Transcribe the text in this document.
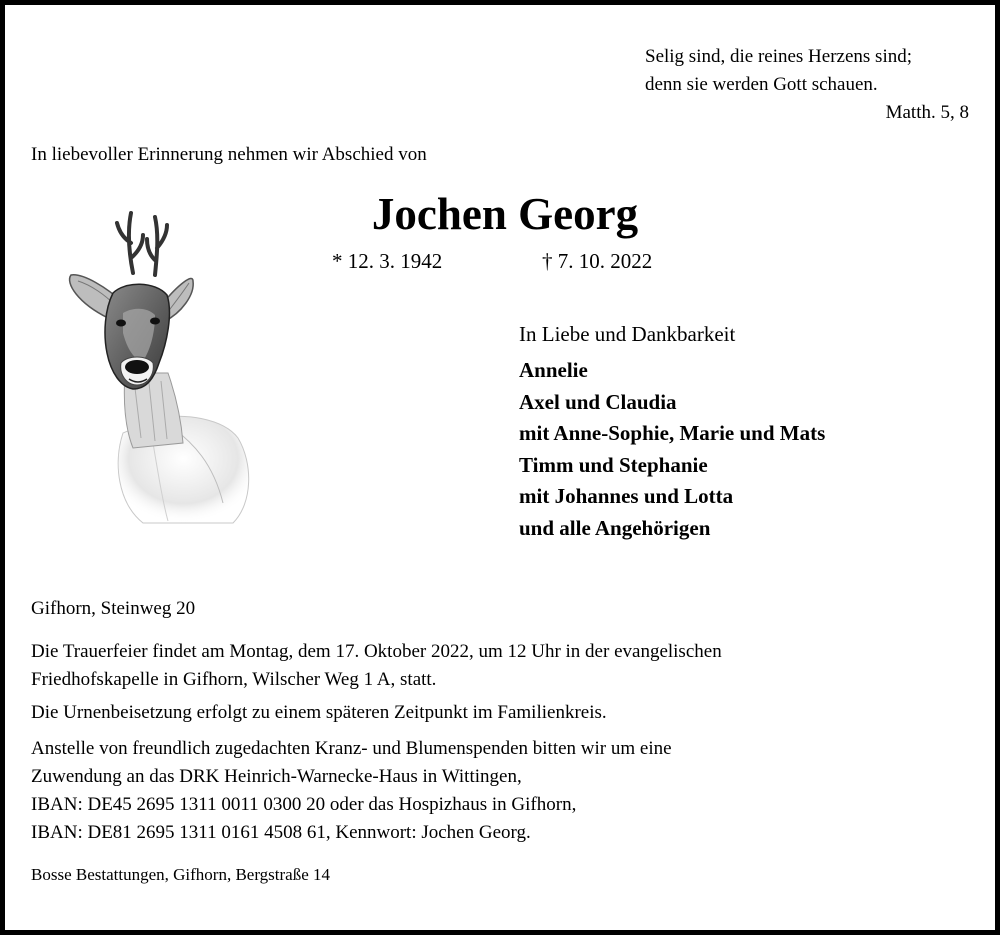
Selig sind, die reines Herzens sind;
denn sie werden Gott schauen.
Matth. 5, 8
In liebevoller Erinnerung nehmen wir Abschied von
Jochen Georg
* 12. 3. 1942	† 7. 10. 2022
In Liebe und Dankbarkeit
Annelie
Axel und Claudia
mit Anne-Sophie, Marie und Mats
Timm und Stephanie
mit Johannes und Lotta
und alle Angehörigen
Gifhorn, Steinweg 20
Die Trauerfeier findet am Montag, dem 17. Oktober 2022, um 12 Uhr in der evangelischen
Friedhofskapelle in Gifhorn, Wilscher Weg 1 A, statt.
Die Urnenbeisetzung erfolgt zu einem späteren Zeitpunkt im Familienkreis.
Anstelle von freundlich zugedachten Kranz- und Blumenspenden bitten wir um eine
Zuwendung an das DRK Heinrich-Warnecke-Haus in Wittingen,
IBAN: DE45 2695 1311 0011 0300 20 oder das Hospizhaus in Gifhorn,
IBAN: DE81 2695 1311 0161 4508 61, Kennwort: Jochen Georg.
Bosse Bestattungen, Gifhorn, Bergstraße 14
